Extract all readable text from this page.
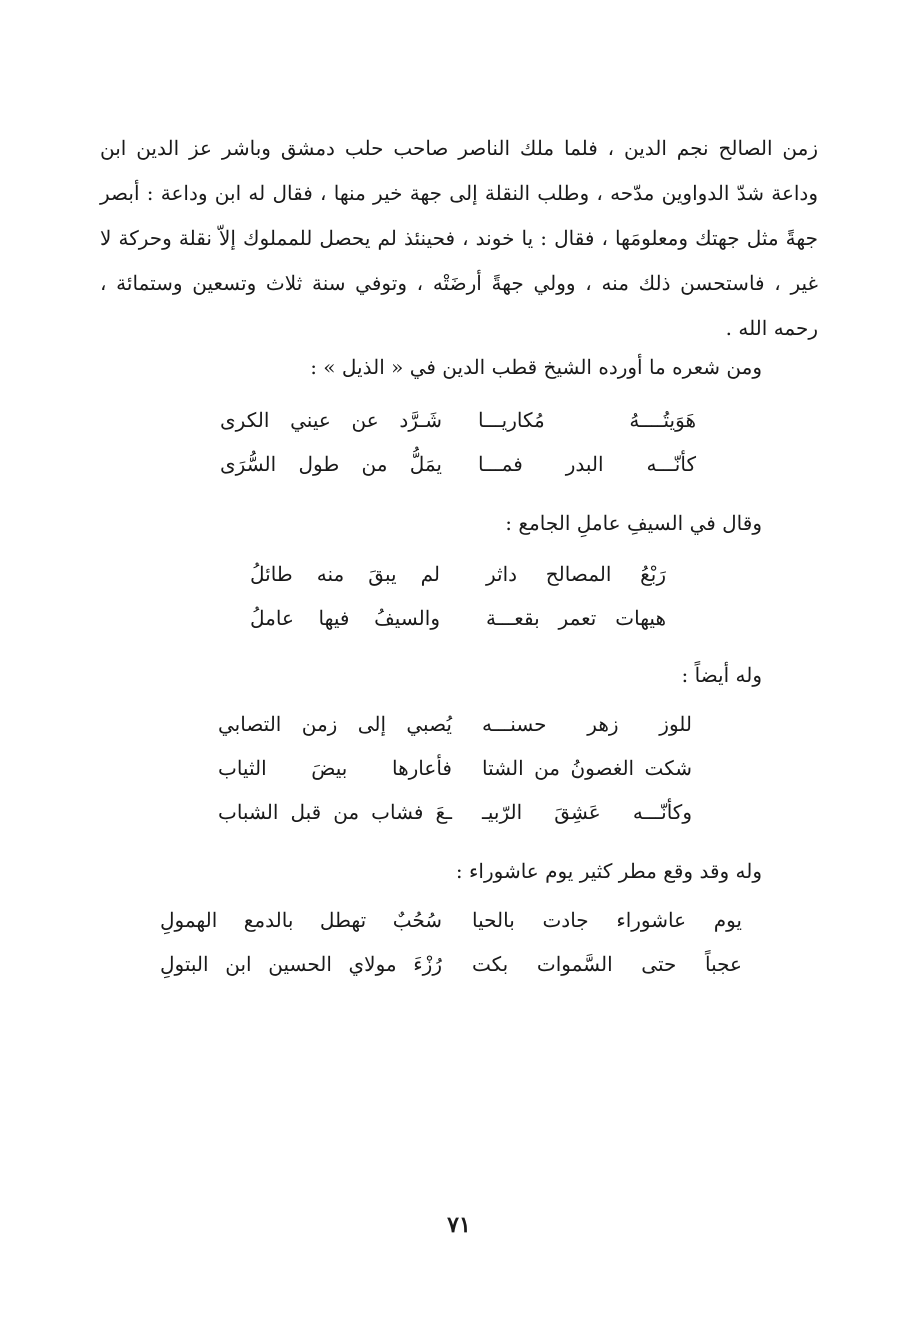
زمن الصالح نجم الدين ، فلما ملك الناصر صاحب حلب دمشق وباشر عز الدين ابن وداعة شدّ الدواوين مدّحه ، وطلب النقلة إلى جهة خير منها ، فقال له ابن وداعة : أبصر جهةً مثل جهتك ومعلومَها ، فقال : يا خوند ، فحينئذ لم يحصل للمملوك إلاّ نقلة وحركة لا غير ، فاستحسن ذلك منه ، وولي جهةً أرضَتْه ، وتوفي سنة ثلاث وتسعين وستمائة ، رحمه الله .

ومن شعره ما أورده الشيخ قطب الدين في « الذيل » :
هَوَيتُــــهُ مُكاريـــا
شَـرَّد عن عيني الكرى
كأنّـــه البدر فمـــا
يمَلُّ من طول السُّرَى
وقال في السيفِ عاملِ الجامع :
رَبْعُ المصالح داثر
لم يبقَ منه طائلُ
هيهات تعمر بقعـــة
والسيفُ فيها عاملُ
وله أيضاً :
للوز زهر حسنـــه
يُصبي إلى زمن التصابي
شكت الغصونُ من الشتا
فأعارها بيضَ الثياب
وكأنّـــه عَشِقَ الرّبيـ
ـعَ فشاب من قبل الشباب
وله وقد وقع مطر كثير يوم عاشوراء :
يوم عاشوراء جادت بالحيا
سُحُبٌ تهطل بالدمع الهمولِ
عجباً حتى السَّموات بكت
رُزْءَ مولاي الحسين ابن البتولِ
٧١
